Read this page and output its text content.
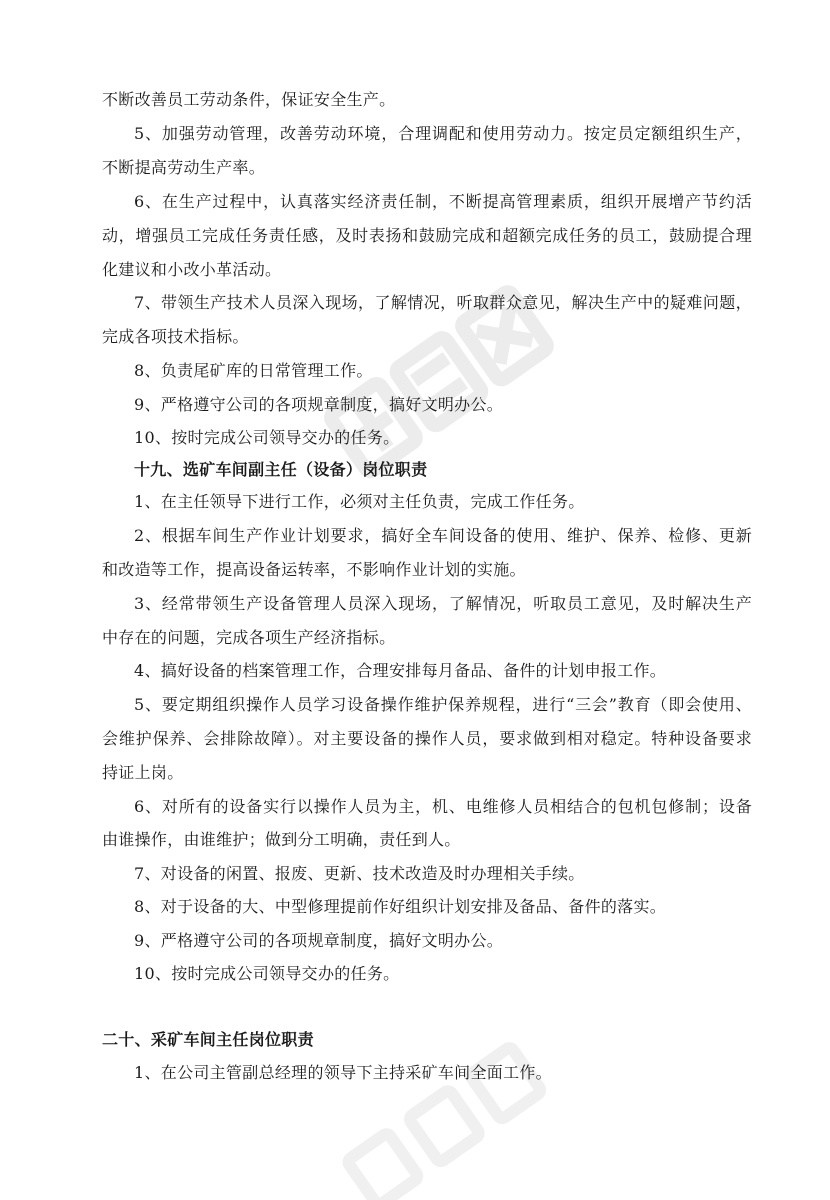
不断改善员工劳动条件，保证安全生产。
5、加强劳动管理，改善劳动环境，合理调配和使用劳动力。按定员定额组织生产，
不断提高劳动生产率。
6、在生产过程中，认真落实经济责任制，不断提高管理素质，组织开展增产节约活
动，增强员工完成任务责任感，及时表扬和鼓励完成和超额完成任务的员工，鼓励提合理
化建议和小改小革活动。
7、带领生产技术人员深入现场，了解情况，听取群众意见，解决生产中的疑难问题，
完成各项技术指标。
8、负责尾矿库的日常管理工作。
9、严格遵守公司的各项规章制度，搞好文明办公。
10、按时完成公司领导交办的任务。
十九、选矿车间副主任（设备）岗位职责
1、在主任领导下进行工作，必须对主任负责，完成工作任务。
2、根据车间生产作业计划要求，搞好全车间设备的使用、维护、保养、检修、更新
和改造等工作，提高设备运转率，不影响作业计划的实施。
3、经常带领生产设备管理人员深入现场，了解情况，听取员工意见，及时解决生产
中存在的问题，完成各项生产经济指标。
4、搞好设备的档案管理工作，合理安排每月备品、备件的计划申报工作。
5、要定期组织操作人员学习设备操作维护保养规程，进行“三会”教育（即会使用、
会维护保养、会排除故障）。对主要设备的操作人员，要求做到相对稳定。特种设备要求
持证上岗。
6、对所有的设备实行以操作人员为主，机、电维修人员相结合的包机包修制；设备
由谁操作，由谁维护；做到分工明确，责任到人。
7、对设备的闲置、报废、更新、技术改造及时办理相关手续。
8、对于设备的大、中型修理提前作好组织计划安排及备品、备件的落实。
9、严格遵守公司的各项规章制度，搞好文明办公。
10、按时完成公司领导交办的任务。
二十、采矿车间主任岗位职责
1、在公司主管副总经理的领导下主持采矿车间全面工作。
